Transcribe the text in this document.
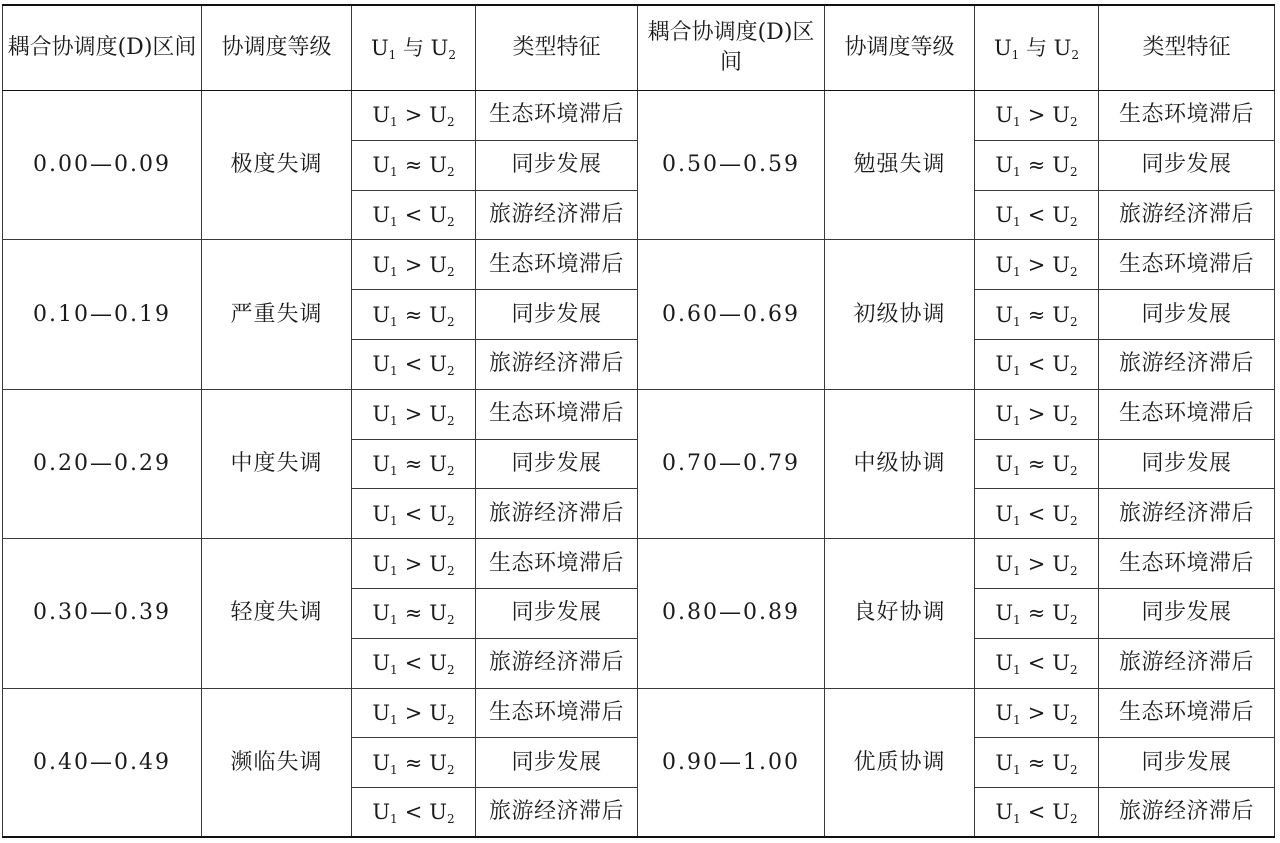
耦合协调度(D)区间	协调度等级	$U_1$ 与 $U_2$	类型特征	耦合协调度(D)区间	协调度等级	$U_1$ 与 $U_2$	类型特征
0.00—0.09	极度失调	$U_1 > U_2$	生态环境滞后	0.50—0.59	勉强失调	$U_1 > U_2$	生态环境滞后
		$U_1 \approx U_2$	同步发展			$U_1 \approx U_2$	同步发展
		$U_1 < U_2$	旅游经济滞后			$U_1 < U_2$	旅游经济滞后
0.10—0.19	严重失调	$U_1 > U_2$	生态环境滞后	0.60—0.69	初级协调	$U_1 > U_2$	生态环境滞后
		$U_1 \approx U_2$	同步发展			$U_1 \approx U_2$	同步发展
		$U_1 < U_2$	旅游经济滞后			$U_1 < U_2$	旅游经济滞后
0.20—0.29	中度失调	$U_1 > U_2$	生态环境滞后	0.70—0.79	中级协调	$U_1 > U_2$	生态环境滞后
		$U_1 \approx U_2$	同步发展			$U_1 \approx U_2$	同步发展
		$U_1 < U_2$	旅游经济滞后			$U_1 < U_2$	旅游经济滞后
0.30—0.39	轻度失调	$U_1 > U_2$	生态环境滞后	0.80—0.89	良好协调	$U_1 > U_2$	生态环境滞后
		$U_1 \approx U_2$	同步发展			$U_1 \approx U_2$	同步发展
		$U_1 < U_2$	旅游经济滞后			$U_1 < U_2$	旅游经济滞后
0.40—0.49	濒临失调	$U_1 > U_2$	生态环境滞后	0.90—1.00	优质协调	$U_1 > U_2$	生态环境滞后
		$U_1 \approx U_2$	同步发展			$U_1 \approx U_2$	同步发展
		$U_1 < U_2$	旅游经济滞后			$U_1 < U_2$	旅游经济滞后
